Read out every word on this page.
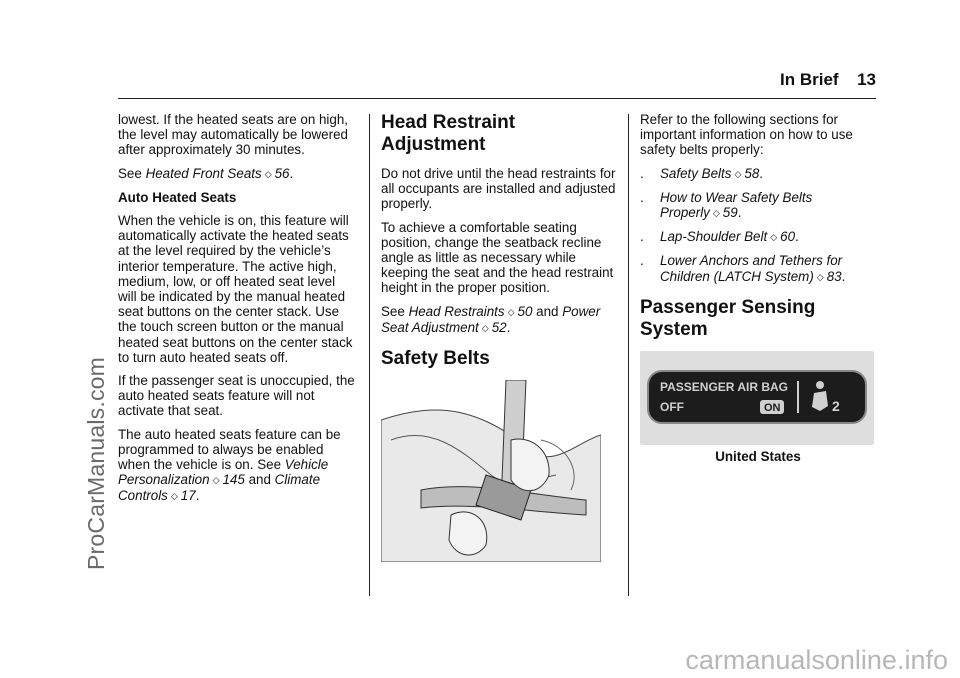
In Brief 13
ProCarManuals.com
carmanualsonline.info

lowest. If the heated seats are on high, the level may automatically be lowered after approximately 30 minutes.

See Heated Front Seats ◇ 56.

Auto Heated Seats

When the vehicle is on, this feature will automatically activate the heated seats at the level required by the vehicle’s interior temperature. The active high, medium, low, or off heated seat level will be indicated by the manual heated seat buttons on the center stack. Use the touch screen button or the manual heated seat buttons on the center stack to turn auto heated seats off.

If the passenger seat is unoccupied, the auto heated seats feature will not activate that seat.

The auto heated seats feature can be programmed to always be enabled when the vehicle is on. See Vehicle Personalization ◇ 145 and Climate Controls ◇ 17.

Head Restraint Adjustment

Do not drive until the head restraints for all occupants are installed and adjusted properly.

To achieve a comfortable seating position, change the seatback recline angle as little as necessary while keeping the seat and the head restraint height in the proper position.

See Head Restraints ◇ 50 and Power Seat Adjustment ◇ 52.

Safety Belts

Refer to the following sections for important information on how to use safety belts properly:

.	Safety Belts ◇ 58.
.	How to Wear Safety Belts Properly ◇ 59.
.	Lap-Shoulder Belt ◇ 60.
.	Lower Anchors and Tethers for Children (LATCH System) ◇ 83.
Passenger Sensing System
PASSENGER AIR BAG
OFF	ON	2
United States
